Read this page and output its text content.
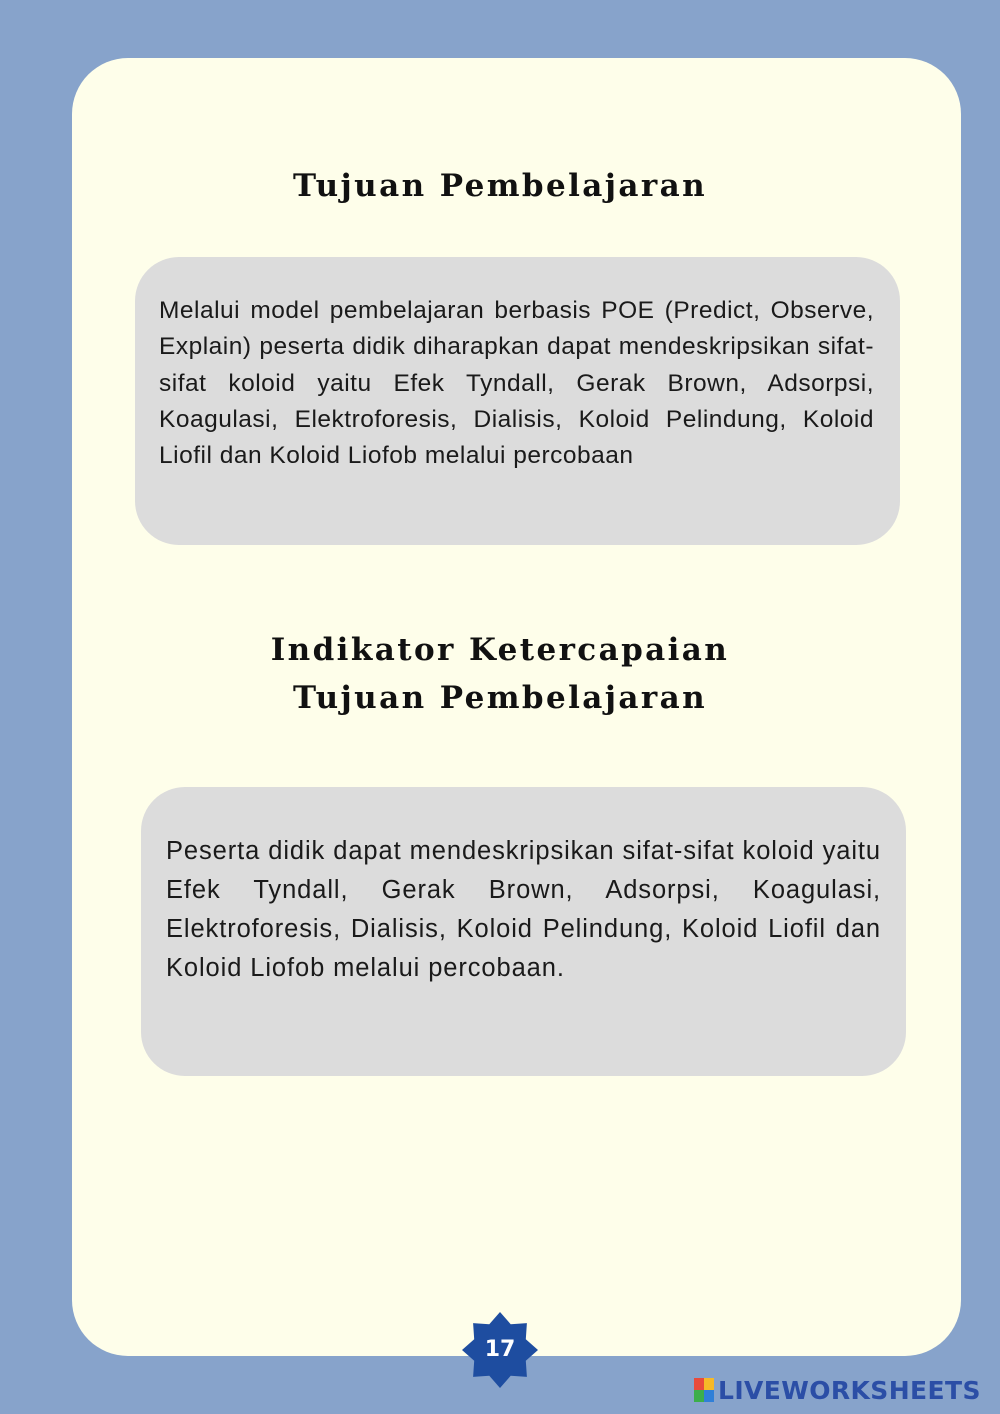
Tujuan Pembelajaran
Melalui model pembelajaran berbasis POE (Predict, Observe, Explain) peserta didik diharapkan dapat mendeskripsikan sifat-sifat koloid yaitu Efek Tyndall, Gerak Brown, Adsorpsi, Koagulasi, Elektroforesis, Dialisis, Koloid Pelindung, Koloid Liofil dan Koloid Liofob melalui percobaan
Indikator Ketercapaian
Tujuan Pembelajaran
Peserta didik dapat mendeskripsikan sifat-sifat koloid yaitu Efek Tyndall, Gerak Brown, Adsorpsi, Koagulasi, Elektroforesis, Dialisis, Koloid Pelindung, Koloid Liofil dan Koloid Liofob melalui percobaan.
17
LIVEWORKSHEETS
